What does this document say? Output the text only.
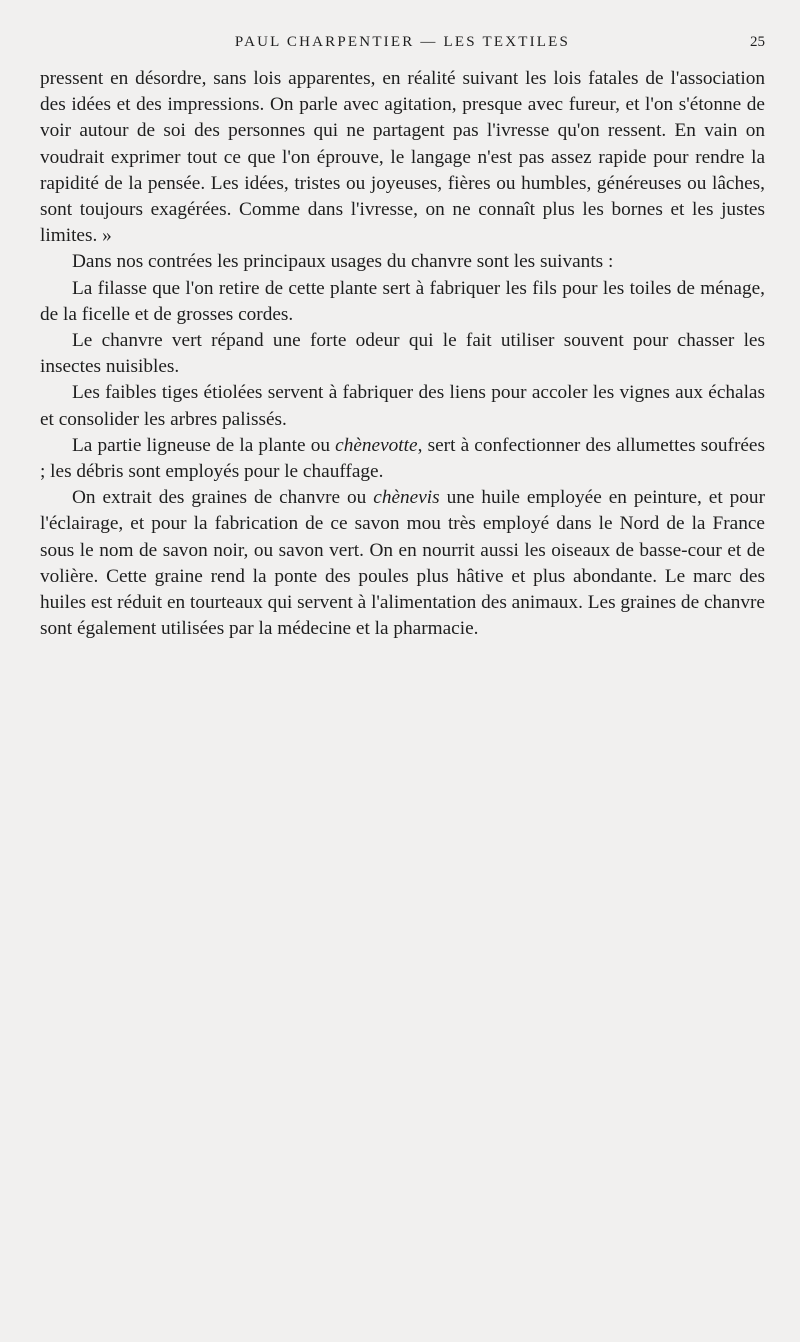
PAUL CHARPENTIER — LES TEXTILES	25

pressent en désordre, sans lois apparentes, en réalité suivant les lois fatales de l'association des idées et des impressions. On parle avec agitation, presque avec fureur, et l'on s'étonne de voir autour de soi des personnes qui ne partagent pas l'ivresse qu'on ressent. En vain on voudrait exprimer tout ce que l'on éprouve, le langage n'est pas assez rapide pour rendre la rapidité de la pensée. Les idées, tristes ou joyeuses, fières ou humbles, généreuses ou lâches, sont toujours exagérées. Comme dans l'ivresse, on ne connaît plus les bornes et les justes limites. »

Dans nos contrées les principaux usages du chanvre sont les suivants :

La filasse que l'on retire de cette plante sert à fabriquer les fils pour les toiles de ménage, de la ficelle et de grosses cordes.

Le chanvre vert répand une forte odeur qui le fait utiliser souvent pour chasser les insectes nuisibles.

Les faibles tiges étiolées servent à fabriquer des liens pour accoler les vignes aux échalas et consolider les arbres palissés.

La partie ligneuse de la plante ou chènevotte, sert à confectionner des allumettes soufrées ; les débris sont employés pour le chauffage.

On extrait des graines de chanvre ou chènevis une huile employée en peinture, et pour l'éclairage, et pour la fabrication de ce savon mou très employé dans le Nord de la France sous le nom de savon noir, ou savon vert. On en nourrit aussi les oiseaux de basse-cour et de volière. Cette graine rend la ponte des poules plus hâtive et plus abondante. Le marc des huiles est réduit en tourteaux qui servent à l'alimentation des animaux. Les graines de chanvre sont également utilisées par la médecine et la pharmacie.
